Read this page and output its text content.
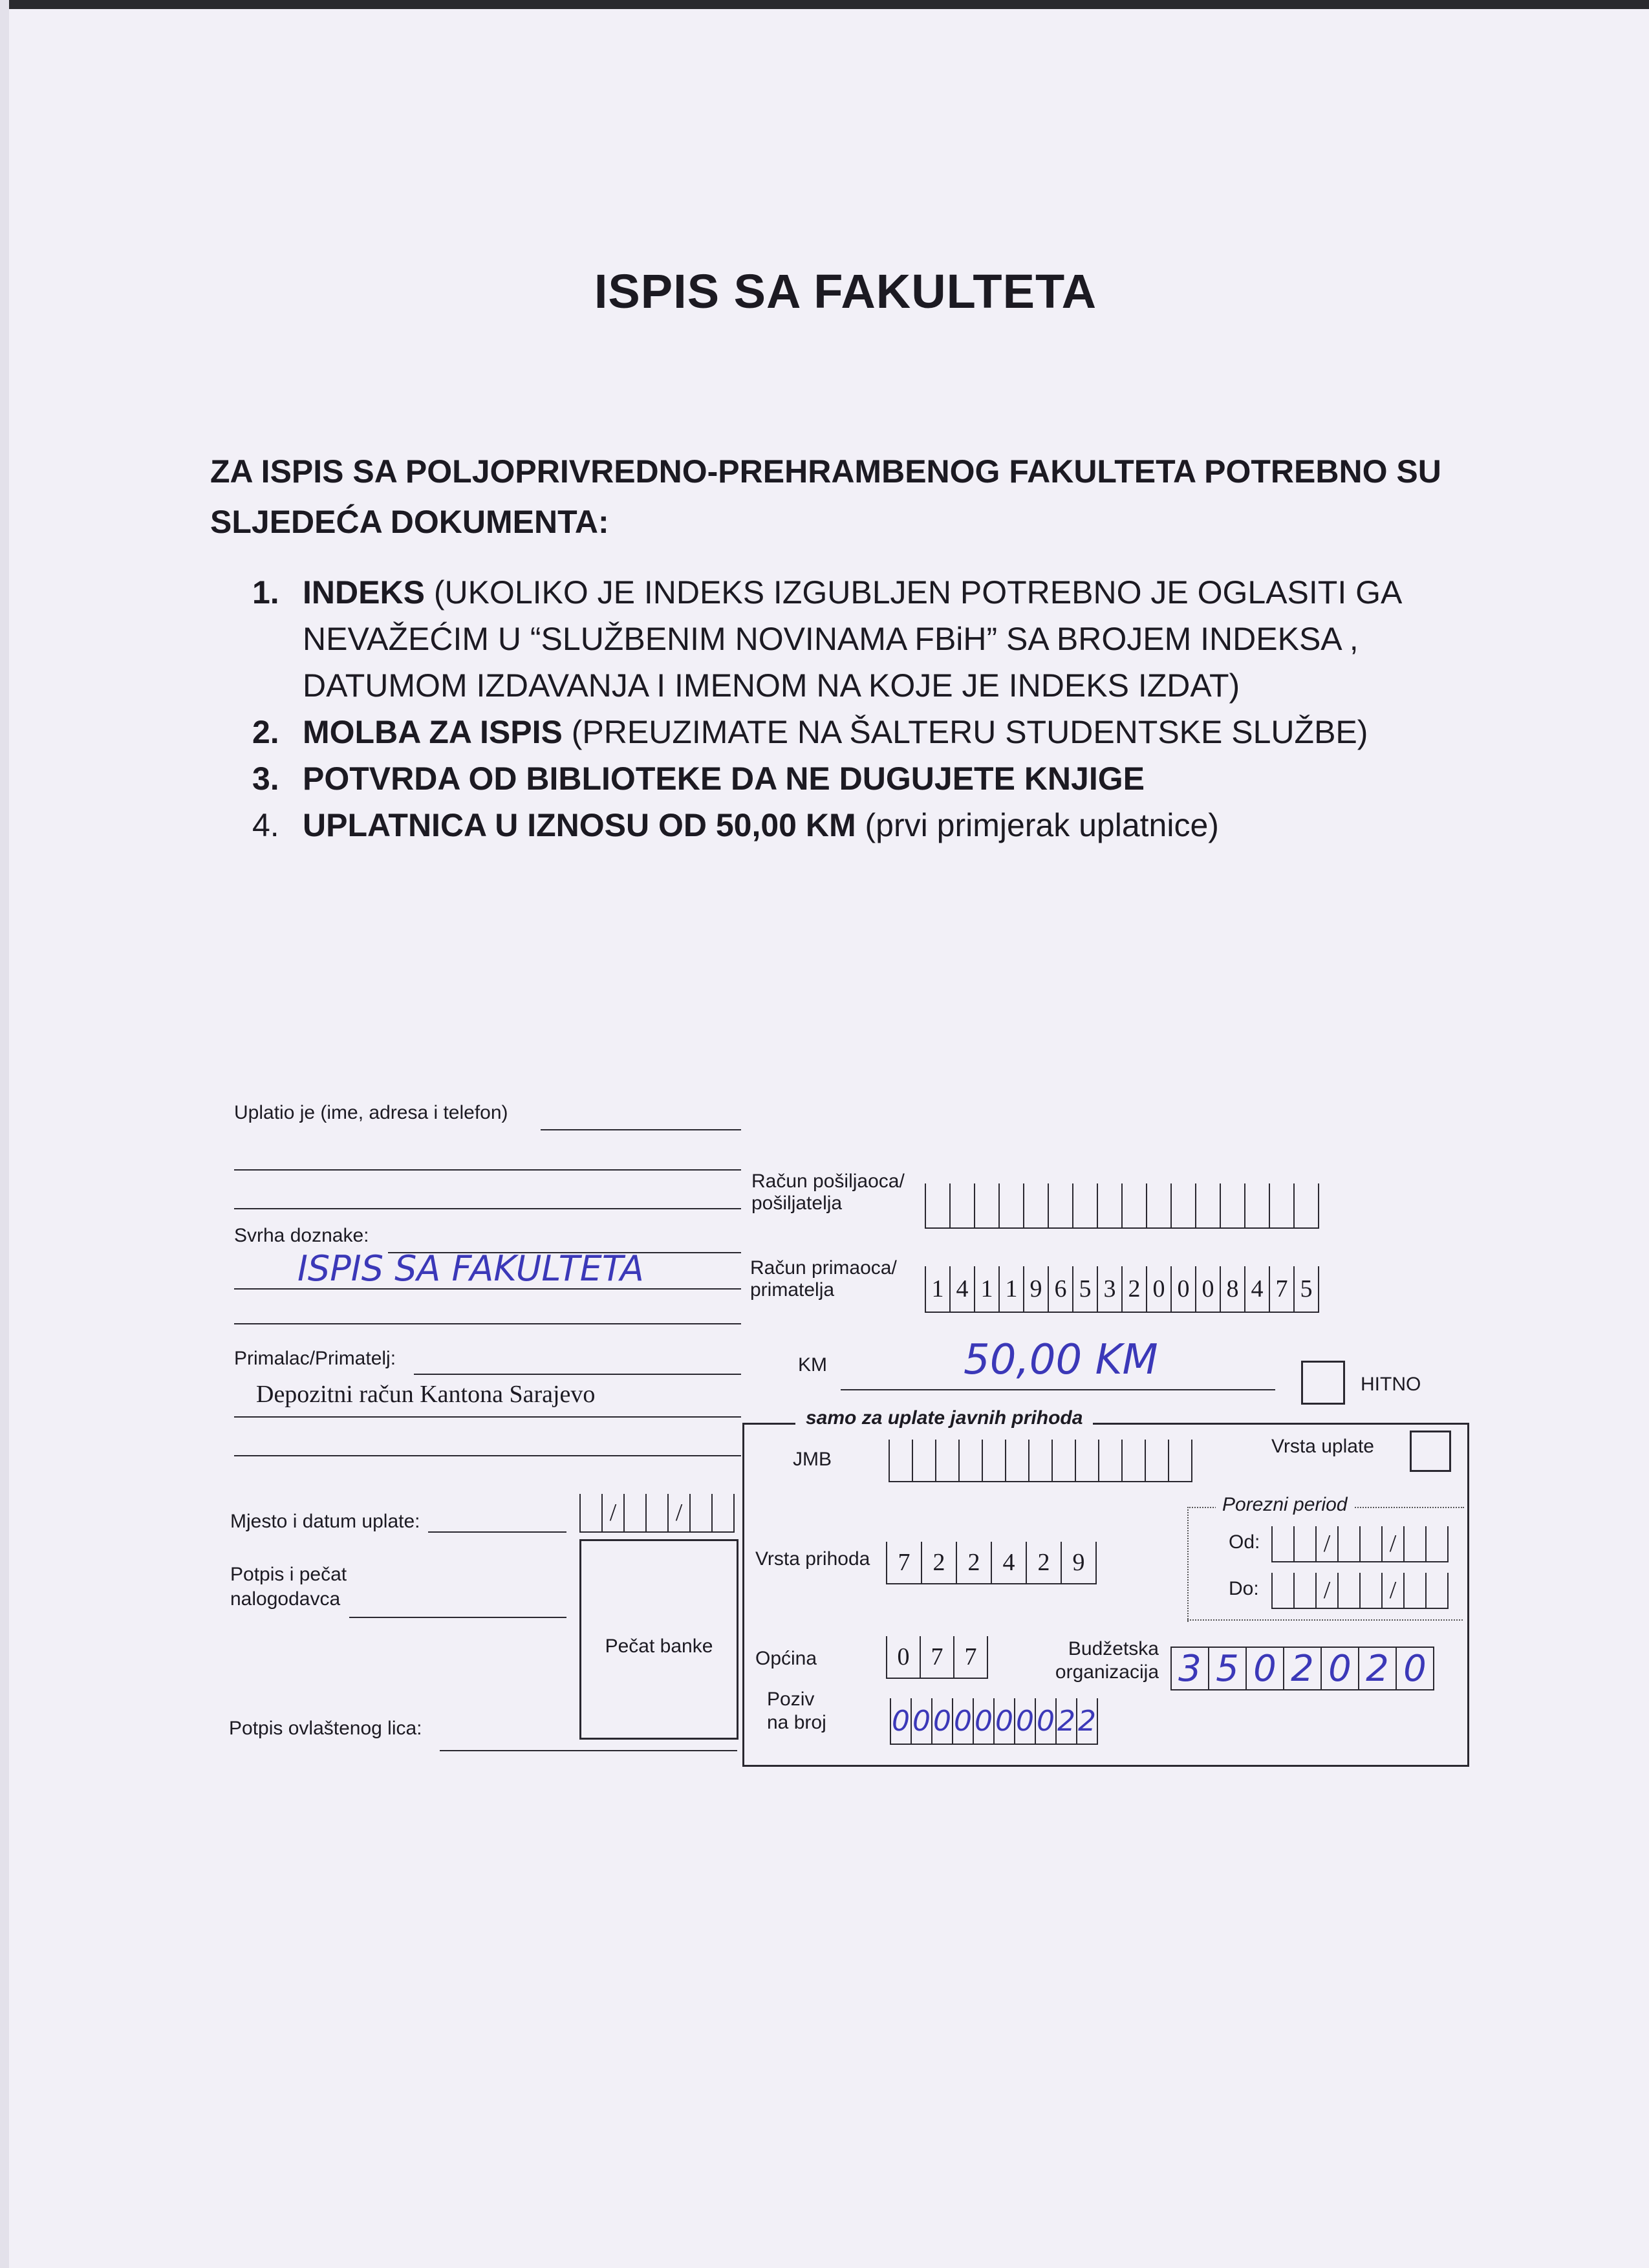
ISPIS SA FAKULTETA
ZA ISPIS SA POLJOPRIVREDNO-PREHRAMBENOG FAKULTETA POTREBNO SU SLJEDEĆA DOKUMENTA:
1. INDEKS (UKOLIKO JE INDEKS IZGUBLJEN POTREBNO JE OGLASITI GA NEVAŽEĆIM U “SLUŽBENIM NOVINAMA FBiH” SA BROJEM INDEKSA , DATUMOM IZDAVANJA I IMENOM NA KOJE JE INDEKS IZDAT)
2. MOLBA ZA ISPIS (PREUZIMATE NA ŠALTERU STUDENTSKE SLUŽBE)
3. POTVRDA OD BIBLIOTEKE DA NE DUGUJETE KNJIGE
4. UPLATNICA U IZNOSU OD 50,00 KM (prvi primjerak uplatnice)
Uplatio je (ime, adresa i telefon)
Svrha doznake:
ISPIS SA FAKULTETA
Primalac/Primatelj:
Depozitni račun Kantona Sarajevo
Mjesto i datum uplate:	/	/
Potpis i pečat nalogodavca
Pečat banke
Potpis ovlaštenog lica:
Račun pošiljaoca/ pošiljatelja
Račun primaoca/ primatelja	1 4 1 1 9 6 5 3 2 0 0 0 8 4 7 5
KM	50,00 KM
HITNO
samo za uplate javnih prihoda
JMB
Vrsta uplate
Porezni period
Od:	/	/
Do:	/	/
Vrsta prihoda	7 2 2 4 2 9
Općina	0 7 7	Budžetska organizacija 3 5 0 2 0 2 0
Poziv na broj	0 0 0 0 0 0 0 0 2 2
